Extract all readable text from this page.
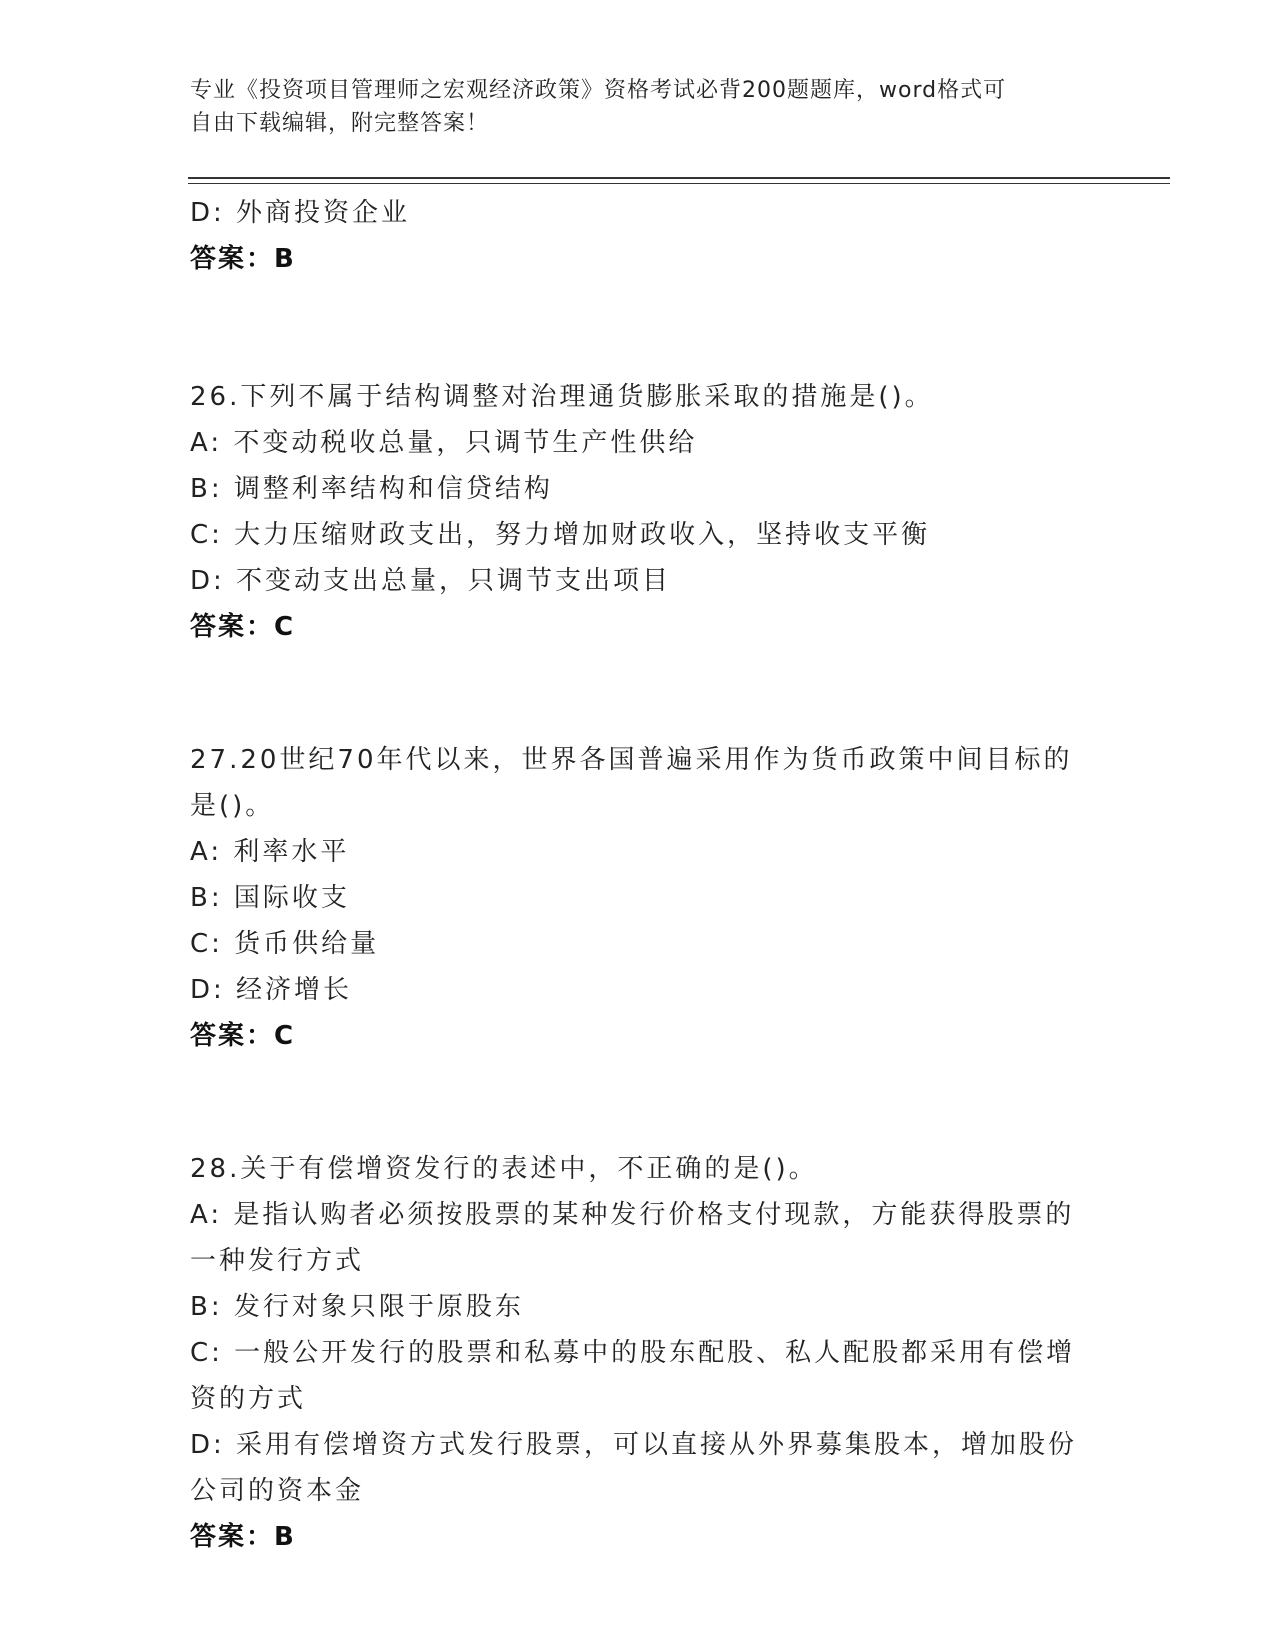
专业《投资项目管理师之宏观经济政策》资格考试必背200题题库，word格式可

自由下载编辑，附完整答案！

D: 外商投资企业
答案：B
26.下列不属于结构调整对治理通货膨胀采取的措施是()。
A: 不变动税收总量，只调节生产性供给
B: 调整利率结构和信贷结构
C: 大力压缩财政支出，努力增加财政收入，坚持收支平衡
D: 不变动支出总量，只调节支出项目
答案：C
27.20世纪70年代以来，世界各国普遍采用作为货币政策中间目标的
是()。
A: 利率水平
B: 国际收支
C: 货币供给量
D: 经济增长
答案：C
28.关于有偿增资发行的表述中，不正确的是()。
A: 是指认购者必须按股票的某种发行价格支付现款，方能获得股票的
一种发行方式
B: 发行对象只限于原股东
C: 一般公开发行的股票和私募中的股东配股、私人配股都采用有偿增
资的方式
D: 采用有偿增资方式发行股票，可以直接从外界募集股本，增加股份
公司的资本金
答案：B
